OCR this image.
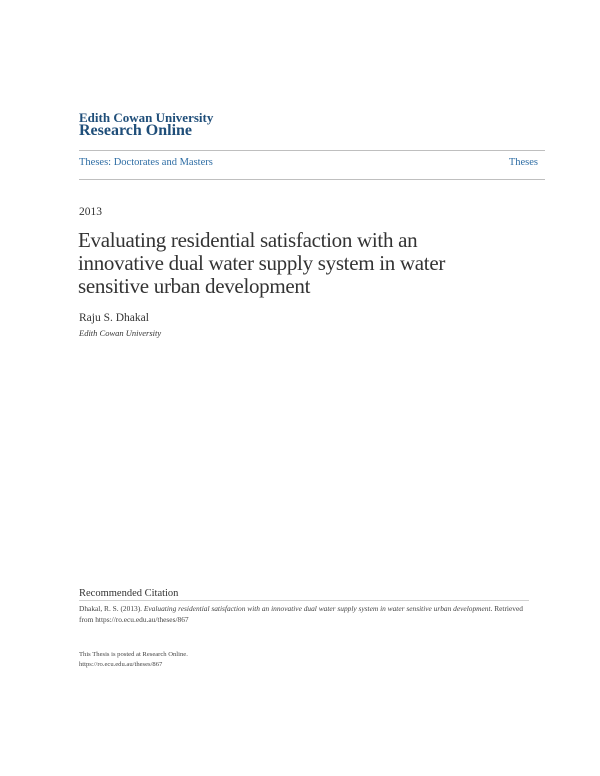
Edith Cowan University
Research Online
Theses: Doctorates and Masters	Theses
2013
Evaluating residential satisfaction with an innovative dual water supply system in water sensitive urban development
Raju S. Dhakal
Edith Cowan University
Recommended Citation
Dhakal, R. S. (2013). Evaluating residential satisfaction with an innovative dual water supply system in water sensitive urban development. Retrieved from https://ro.ecu.edu.au/theses/867
This Thesis is posted at Research Online.
https://ro.ecu.edu.au/theses/867
